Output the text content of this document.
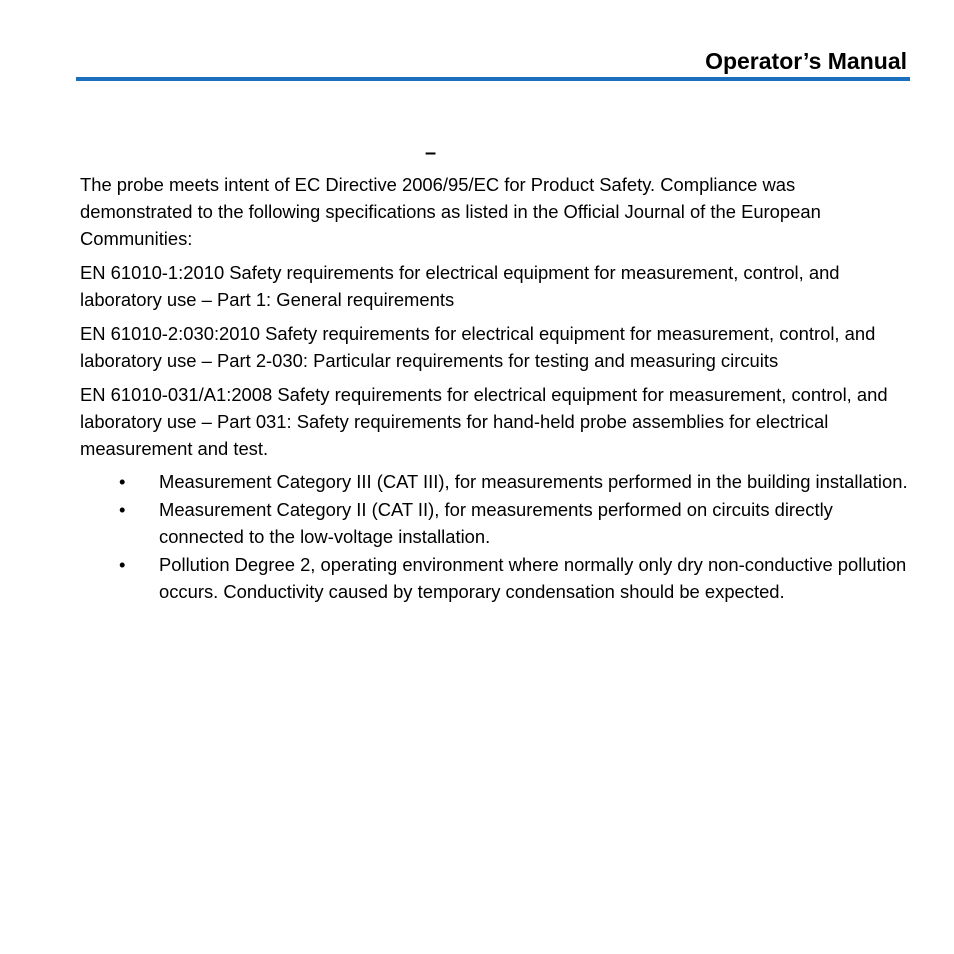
Operator’s Manual
–

The probe meets intent of EC Directive 2006/95/EC for Product Safety. Compliance was demonstrated to the following specifications as listed in the Official Journal of the European Communities:

EN 61010-1:2010 Safety requirements for electrical equipment for measurement, control, and laboratory use – Part 1: General requirements

EN 61010-2:030:2010 Safety requirements for electrical equipment for measurement, control, and laboratory use – Part 2-030: Particular requirements for testing and measuring circuits

EN 61010-031/A1:2008 Safety requirements for electrical equipment for measurement, control, and laboratory use – Part 031: Safety requirements for hand-held probe assemblies for electrical measurement and test.

•	Measurement Category III (CAT III), for measurements performed in the building installation.
•	Measurement Category II (CAT II), for measurements performed on circuits directly connected to the low-voltage installation.
•	Pollution Degree 2, operating environment where normally only dry non-conductive pollution occurs. Conductivity caused by temporary condensation should be expected.
